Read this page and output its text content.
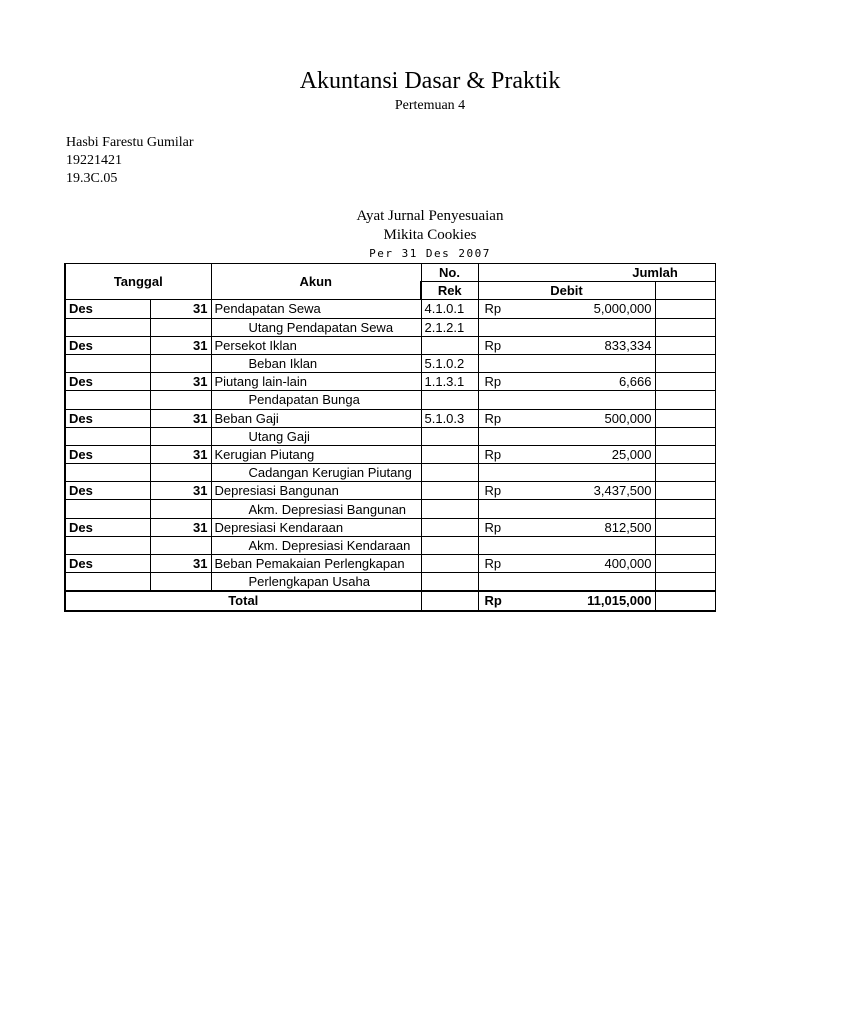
Akuntansi Dasar & Praktik
Pertemuan 4
Hasbi Farestu Gumilar
19221421
19.3C.05
Ayat Jurnal Penyesuaian
Mikita Cookies
Per 31 Des 2007
Tanggal		Akun	No.	Jumlah	
			Rek	Debit	
Des	31	Pendapatan Sewa	4.1.0.1	Rp 5,000,000	

		Utang Pendapatan Sewa	2.1.2.1		
Des	31	Persekot Iklan		Rp 833,334	

		Beban Iklan	5.1.0.2		
Des	31	Piutang lain-lain	1.1.3.1	Rp 6,666	

		Pendapatan Bunga			
Des	31	Beban Gaji	5.1.0.3	Rp 500,000	

		Utang Gaji			
Des	31	Kerugian Piutang		Rp 25,000	

		Cadangan Kerugian Piutang			
Des	31	Depresiasi Bangunan		Rp 3,437,500	

		Akm. Depresiasi Bangunan			
Des	31	Depresiasi Kendaraan		Rp 812,500	

		Akm. Depresiasi Kendaraan			
Des	31	Beban Pemakaian Perlengkapan		Rp 400,000	

		Perlengkapan Usaha			
Total				Rp 11,015,000	
